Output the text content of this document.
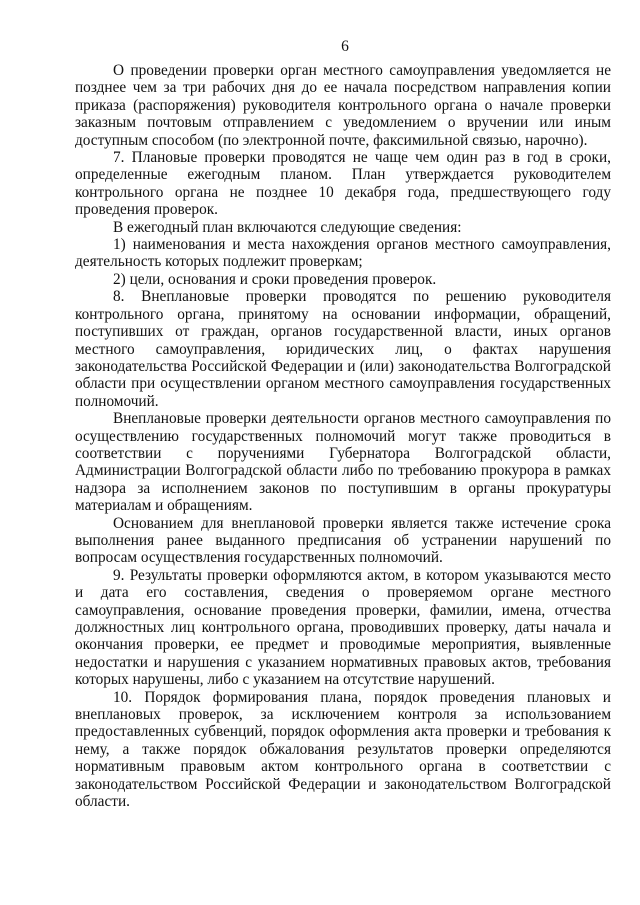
6

О проведении проверки орган местного самоуправления уведомляется не позднее чем за три рабочих дня до ее начала посредством направления копии приказа (распоряжения) руководителя контрольного органа о начале проверки заказным почтовым отправлением с уведомлением о вручении или иным доступным способом (по электронной почте, факсимильной связью, нарочно).

7. Плановые проверки проводятся не чаще чем один раз в год в сроки, определенные ежегодным планом. План утверждается руководителем контрольного органа не позднее 10 декабря года, предшествующего году проведения проверок.

В ежегодный план включаются следующие сведения:

1) наименования и места нахождения органов местного самоуправления, деятельность которых подлежит проверкам;

2) цели, основания и сроки проведения проверок.

8. Внеплановые проверки проводятся по решению руководителя контрольного органа, принятому на основании информации, обращений, поступивших от граждан, органов государственной власти, иных органов местного самоуправления, юридических лиц, о фактах нарушения законодательства Российской Федерации и (или) законодательства Волгоградской области при осуществлении органом местного самоуправления государственных полномочий.

Внеплановые проверки деятельности органов местного самоуправления по осуществлению государственных полномочий могут также проводиться в соответствии с поручениями Губернатора Волгоградской области, Администрации Волгоградской области либо по требованию прокурора в рамках надзора за исполнением законов по поступившим в органы прокуратуры материалам и обращениям.

Основанием для внеплановой проверки является также истечение срока выполнения ранее выданного предписания об устранении нарушений по вопросам осуществления государственных полномочий.

9. Результаты проверки оформляются актом, в котором указываются место и дата его составления, сведения о проверяемом органе местного самоуправления, основание проведения проверки, фамилии, имена, отчества должностных лиц контрольного органа, проводивших проверку, даты начала и окончания проверки, ее предмет и проводимые мероприятия, выявленные недостатки и нарушения с указанием нормативных правовых актов, требования которых нарушены, либо с указанием на отсутствие нарушений.

10. Порядок формирования плана, порядок проведения плановых и внеплановых проверок, за исключением контроля за использованием предоставленных субвенций, порядок оформления акта проверки и требования к нему, а также порядок обжалования результатов проверки определяются нормативным правовым актом контрольного органа в соответствии с законодательством Российской Федерации и законодательством Волгоградской области.
